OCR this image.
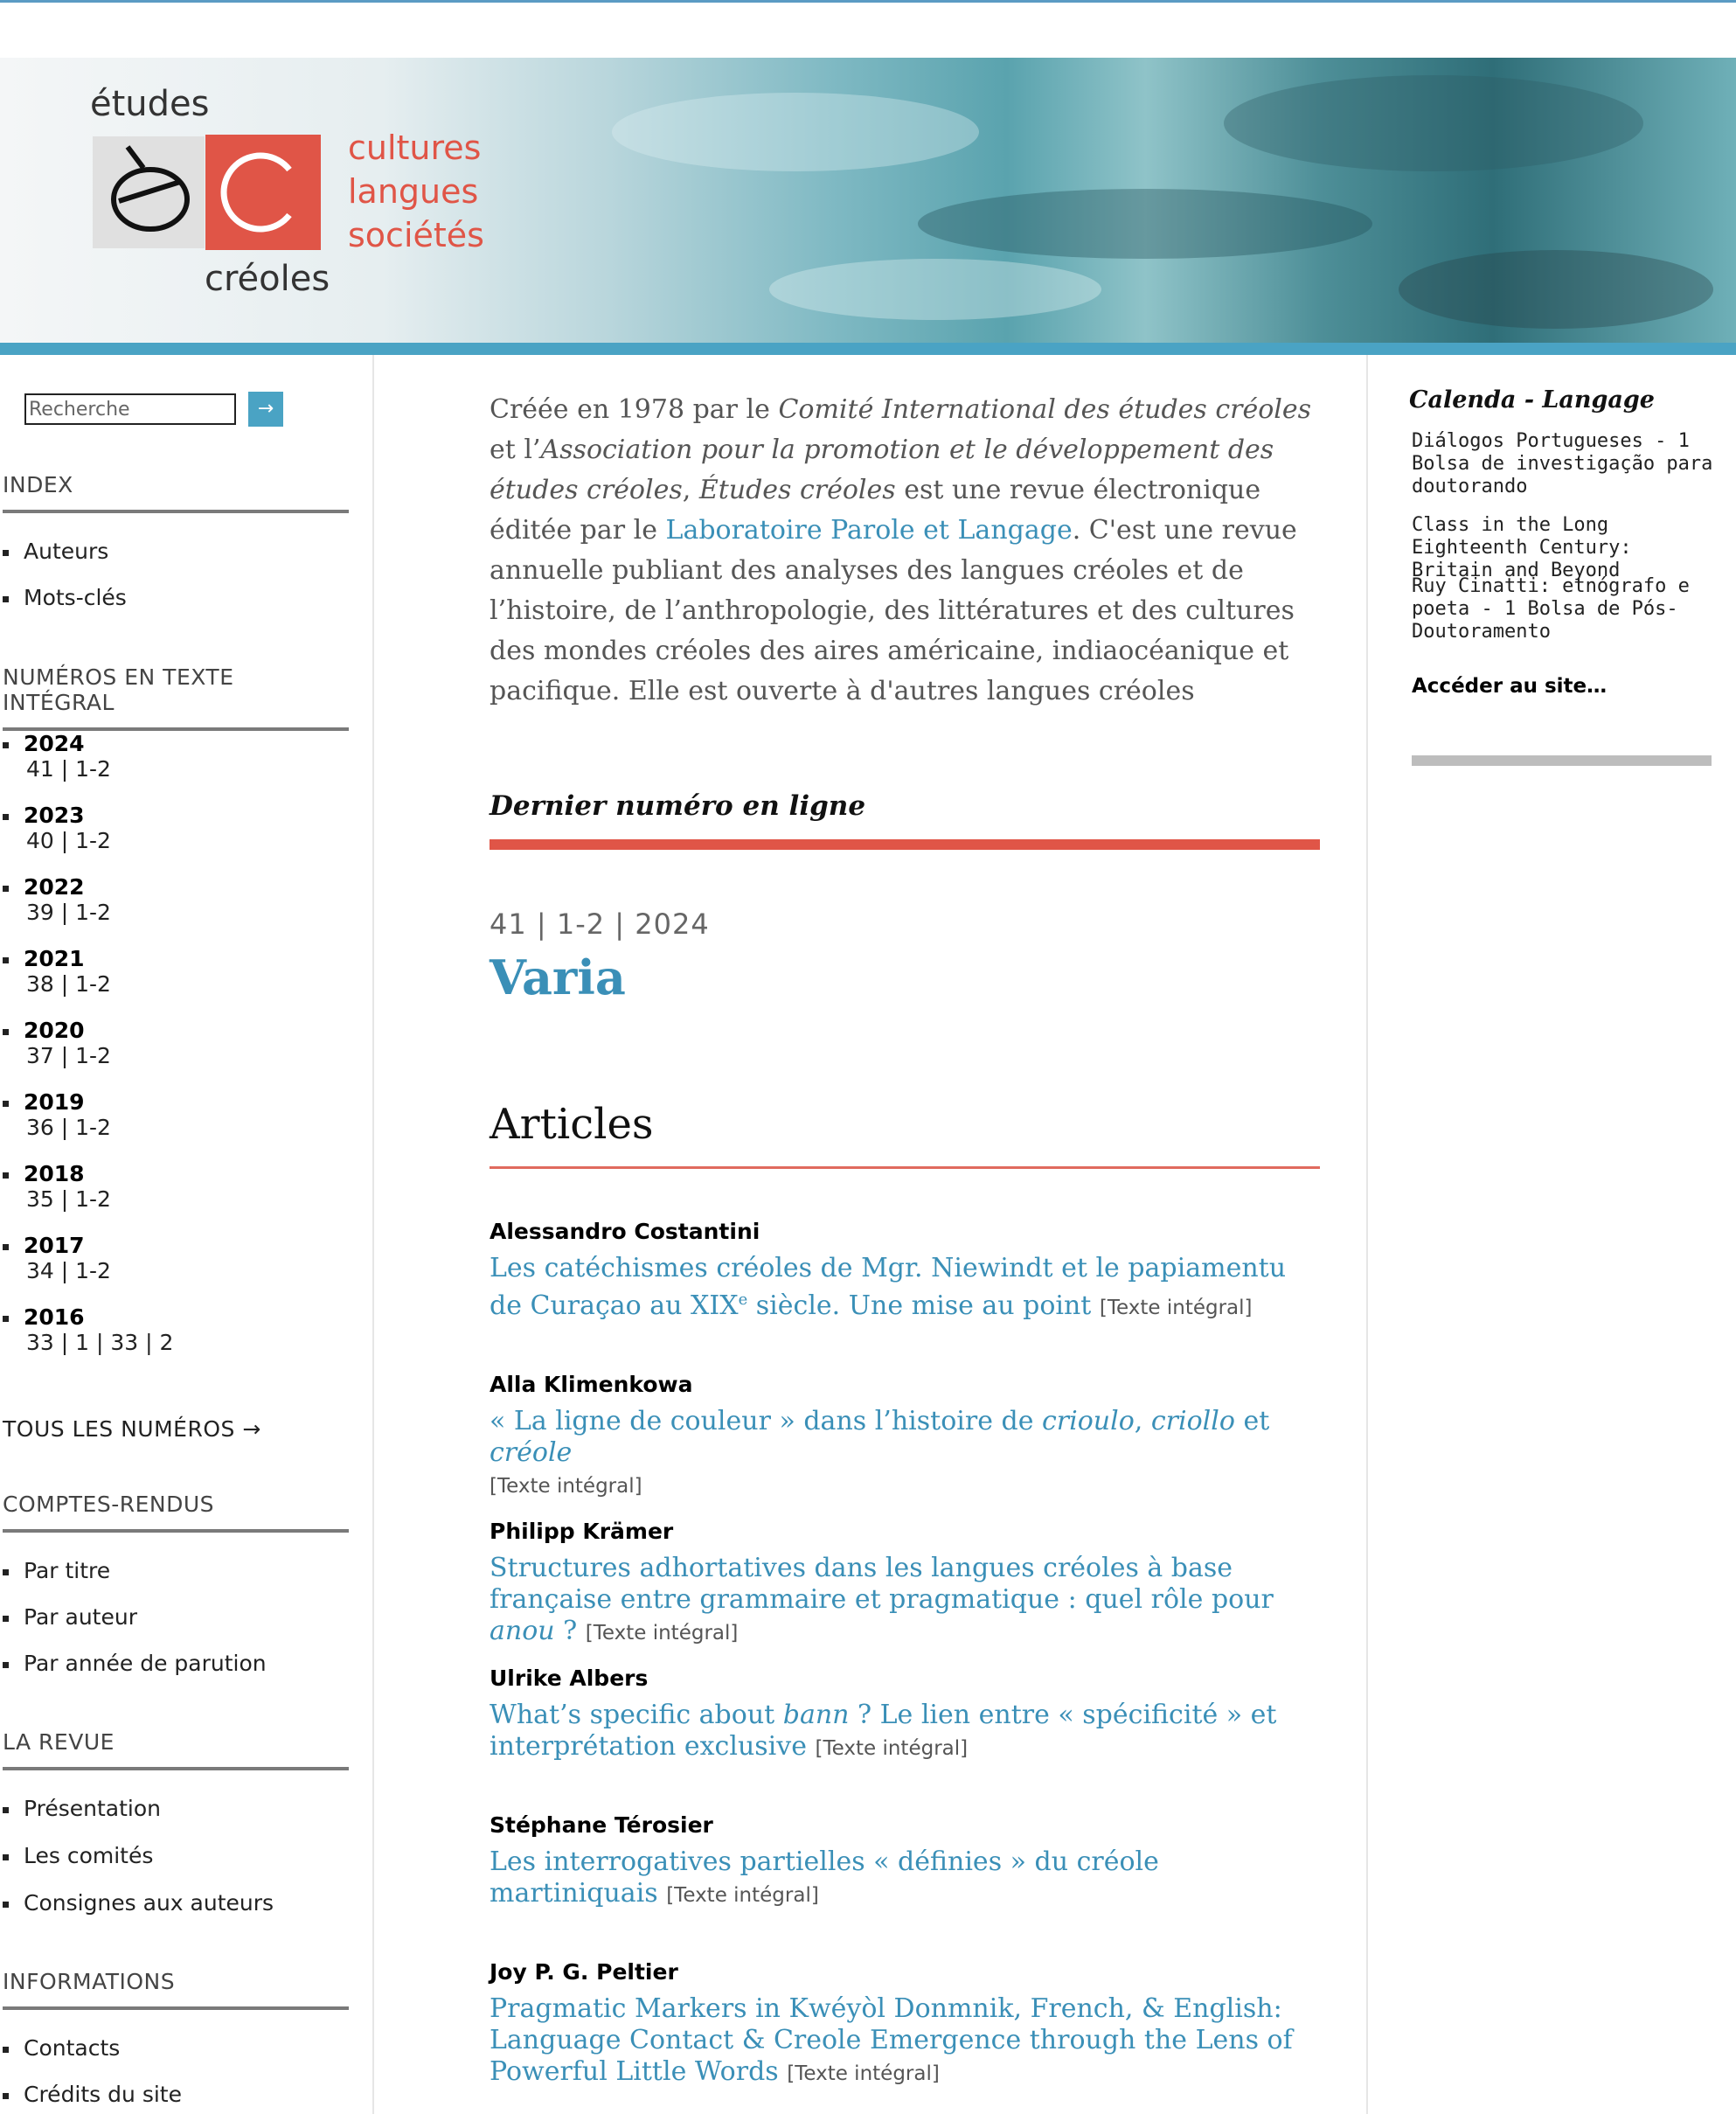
études
cultures
langues
sociétés
créoles
Recherche	→
INDEX
Auteurs
Mots-clés
NUMÉROS EN TEXTE INTÉGRAL
2024
41 | 1-2
2023
40 | 1-2
2022
39 | 1-2
2021
38 | 1-2
2020
37 | 1-2
2019
36 | 1-2
2018
35 | 1-2
2017
34 | 1-2
2016
33 | 1 | 33 | 2
TOUS LES NUMÉROS →
COMPTES-RENDUS
Par titre
Par auteur
Par année de parution
LA REVUE
Présentation
Les comités
Consignes aux auteurs
INFORMATIONS
Contacts
Crédits du site
Créée en 1978 par le Comité International des études créoles et l’Association pour la promotion et le développement des études créoles, Études créoles est une revue électronique éditée par le Laboratoire Parole et Langage. C'est une revue annuelle publiant des analyses des langues créoles et de l’histoire, de l’anthropologie, des littératures et des cultures des mondes créoles des aires américaine, indiaocéanique et pacifique. Elle est ouverte à d'autres langues créoles
Dernier numéro en ligne
41 | 1-2 | 2024
Varia
Articles
Alessandro Costantini
Les catéchismes créoles de Mgr. Niewindt et le papiamentu de Curaçao au XIXe siècle. Une mise au point [Texte intégral]
Alla Klimenkowa
« La ligne de couleur » dans l’histoire de crioulo, criollo et créole
[Texte intégral]
Philipp Krämer
Structures adhortatives dans les langues créoles à base française entre grammaire et pragmatique : quel rôle pour anou ? [Texte intégral]
Ulrike Albers
What’s specific about bann ? Le lien entre « spécificité » et interprétation exclusive [Texte intégral]
Stéphane Térosier
Les interrogatives partielles « définies » du créole martiniquais [Texte intégral]
Joy P. G. Peltier
Pragmatic Markers in Kwéyòl Donmnik, French, & English: Language Contact & Creole Emergence through the Lens of Powerful Little Words [Texte intégral]
Calenda - Langage
Diálogos Portugueses - 1 Bolsa de investigação para doutorando
Class in the Long Eighteenth Century: Britain and Beyond
Ruy Cinatti: etnógrafo e poeta - 1 Bolsa de Pós-Doutoramento
Accéder au site…
